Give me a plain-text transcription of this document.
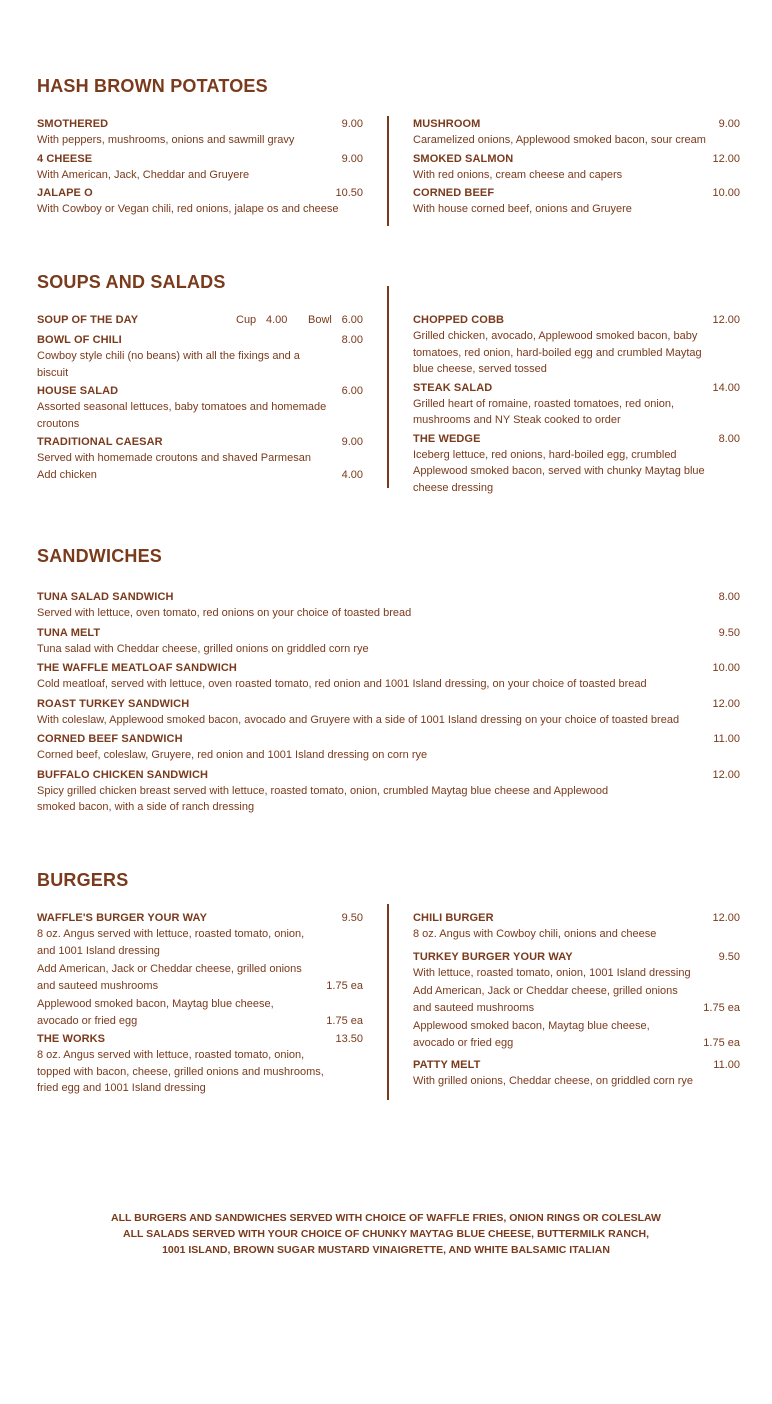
HASH BROWN POTATOES
SMOTHERED	9.00
With peppers, mushrooms, onions and sawmill gravy
4 CHEESE	9.00
With American, Jack, Cheddar and Gruyere
JALAPE O	10.50
With Cowboy or Vegan chili, red onions, jalape os and cheese
MUSHROOM	9.00
Caramelized onions, Applewood smoked bacon, sour cream
SMOKED SALMON	12.00
With red onions, cream cheese and capers
CORNED BEEF	10.00
With house corned beef, onions and Gruyere
SOUPS AND SALADS
SOUP OF THE DAY	Cup 4.00 Bowl 6.00
BOWL OF CHILI	8.00
Cowboy style chili (no beans) with all the fixings and a biscuit
HOUSE SALAD	6.00
Assorted seasonal lettuces, baby tomatoes and homemade croutons
TRADITIONAL CAESAR	9.00
Served with homemade croutons and shaved Parmesan
Add chicken	4.00
CHOPPED COBB	12.00
Grilled chicken, avocado, Applewood smoked bacon, baby tomatoes, red onion, hard-boiled egg and crumbled Maytag blue cheese, served tossed
STEAK SALAD	14.00
Grilled heart of romaine, roasted tomatoes, red onion, mushrooms and NY Steak cooked to order
THE WEDGE	8.00
Iceberg lettuce, red onions, hard-boiled egg, crumbled Applewood smoked bacon, served with chunky Maytag blue cheese dressing
SANDWICHES
TUNA SALAD SANDWICH	8.00
Served with lettuce, oven tomato, red onions on your choice of toasted bread
TUNA MELT	9.50
Tuna salad with Cheddar cheese, grilled onions on griddled corn rye
THE WAFFLE MEATLOAF SANDWICH	10.00
Cold meatloaf, served with lettuce, oven roasted tomato, red onion and 1001 Island dressing, on your choice of toasted bread
ROAST TURKEY SANDWICH	12.00
With coleslaw, Applewood smoked bacon, avocado and Gruyere with a side of 1001 Island dressing on your choice of toasted bread
CORNED BEEF SANDWICH	11.00
Corned beef, coleslaw, Gruyere, red onion and 1001 Island dressing on corn rye
BUFFALO CHICKEN SANDWICH	12.00
Spicy grilled chicken breast served with lettuce, roasted tomato, onion, crumbled Maytag blue cheese and Applewood smoked bacon, with a side of ranch dressing
BURGERS
WAFFLE'S BURGER YOUR WAY	9.50
8 oz. Angus served with lettuce, roasted tomato, onion, and 1001 Island dressing
Add American, Jack or Cheddar cheese, grilled onions and sauteed mushrooms	1.75 ea
Applewood smoked bacon, Maytag blue cheese, avocado or fried egg	1.75 ea
THE WORKS	13.50
8 oz. Angus served with lettuce, roasted tomato, onion, topped with bacon, cheese, grilled onions and mushrooms, fried egg and 1001 Island dressing
CHILI BURGER	12.00
8 oz. Angus with Cowboy chili, onions and cheese
TURKEY BURGER YOUR WAY	9.50
With lettuce, roasted tomato, onion, 1001 Island dressing
Add American, Jack or Cheddar cheese, grilled onions and sauteed mushrooms	1.75 ea
Applewood smoked bacon, Maytag blue cheese, avocado or fried egg	1.75 ea
PATTY MELT	11.00
With grilled onions, Cheddar cheese, on griddled corn rye
ALL BURGERS AND SANDWICHES SERVED WITH CHOICE OF WAFFLE FRIES, ONION RINGS OR COLESLAW
ALL SALADS SERVED WITH YOUR CHOICE OF CHUNKY MAYTAG BLUE CHEESE, BUTTERMILK RANCH,
1001 ISLAND, BROWN SUGAR MUSTARD VINAIGRETTE, AND WHITE BALSAMIC ITALIAN
